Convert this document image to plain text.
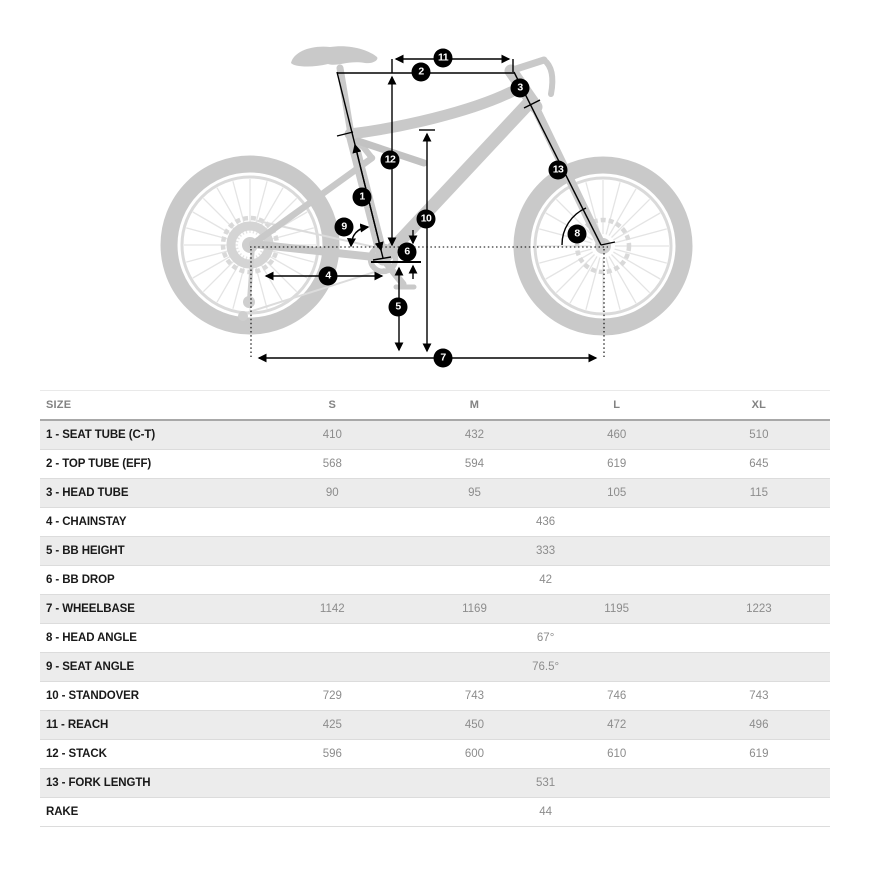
1
2
3
4
5
6
7
8
9
10
11
12
13
SIZE	S	M	L	XL
1 - SEAT TUBE (C-T)	410	432	460	510
2 - TOP TUBE (EFF)	568	594	619	645
3 - HEAD TUBE	90	95	105	115
4 - CHAINSTAY	436			
5 - BB HEIGHT	333			
6 - BB DROP	42			
7 - WHEELBASE	1142	1169	1195	1223
8 - HEAD ANGLE	67°			
9 - SEAT ANGLE	76.5°			
10 - STANDOVER	729	743	746	743
11 - REACH	425	450	472	496
12 - STACK	596	600	610	619
13 - FORK LENGTH	531			
RAKE	44			
